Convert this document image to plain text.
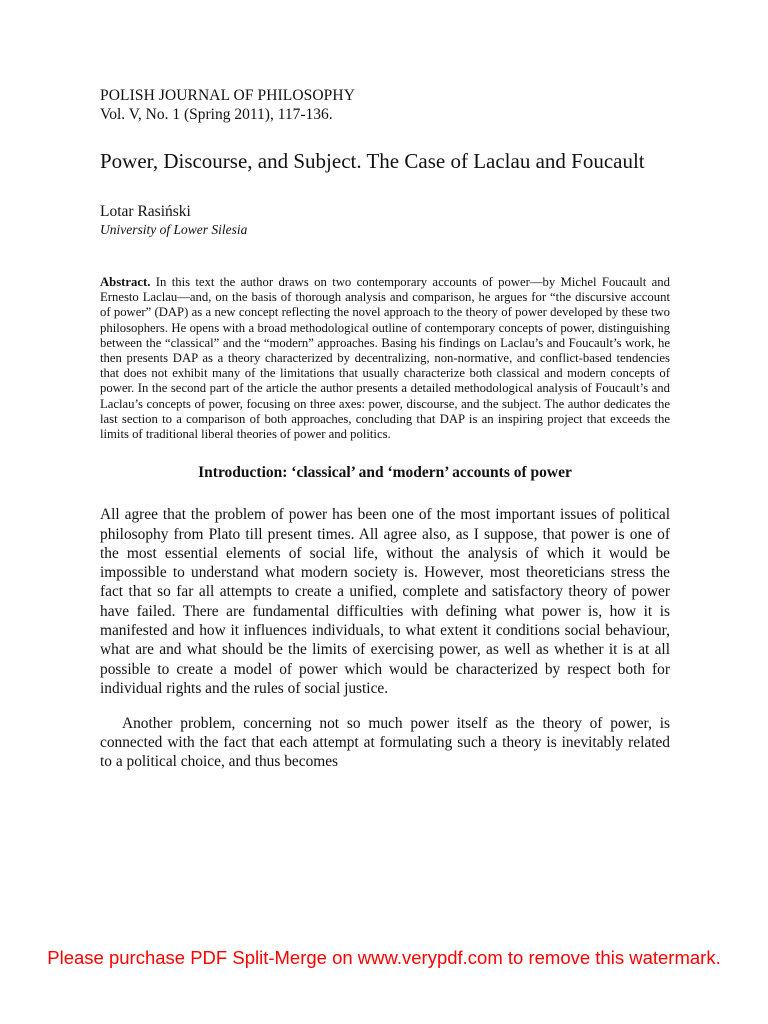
POLISH JOURNAL OF PHILOSOPHY
Vol. V, No. 1 (Spring 2011), 117-136.
Power, Discourse, and Subject. The Case of Laclau and Foucault
Lotar Rasiński
University of Lower Silesia

Abstract. In this text the author draws on two contemporary accounts of power—by Michel Foucault and Ernesto Laclau—and, on the basis of thorough analysis and comparison, he argues for “the discursive account of power” (DAP) as a new concept reflecting the novel approach to the theory of power developed by these two philosophers. He opens with a broad methodological outline of contemporary concepts of power, distinguishing between the “classical” and the “modern” approaches. Basing his findings on Laclau’s and Foucault’s work, he then presents DAP as a theory characterized by decentralizing, non-normative, and conflict-based tendencies that does not exhibit many of the limitations that usually characterize both classical and modern concepts of power. In the second part of the article the author presents a detailed methodological analysis of Foucault’s and Laclau’s concepts of power, focusing on three axes: power, discourse, and the subject. The author dedicates the last section to a comparison of both approaches, concluding that DAP is an inspiring project that exceeds the limits of traditional liberal theories of power and politics.

Introduction: ‘classical’ and ‘modern’ accounts of power

All agree that the problem of power has been one of the most important issues of political philosophy from Plato till present times. All agree also, as I suppose, that power is one of the most essential elements of social life, without the analysis of which it would be impossible to understand what modern society is. However, most theoreticians stress the fact that so far all attempts to create a unified, complete and satisfactory theory of power have failed. There are fundamental difficulties with defining what power is, how it is manifested and how it influences individuals, to what extent it conditions social behaviour, what are and what should be the limits of exercising power, as well as whether it is at all possible to create a model of power which would be characterized by respect both for individual rights and the rules of social justice.

Another problem, concerning not so much power itself as the theory of power, is connected with the fact that each attempt at formulating such a theory is inevitably related to a political choice, and thus becomes

Please purchase PDF Split-Merge on www.verypdf.com to remove this watermark.
